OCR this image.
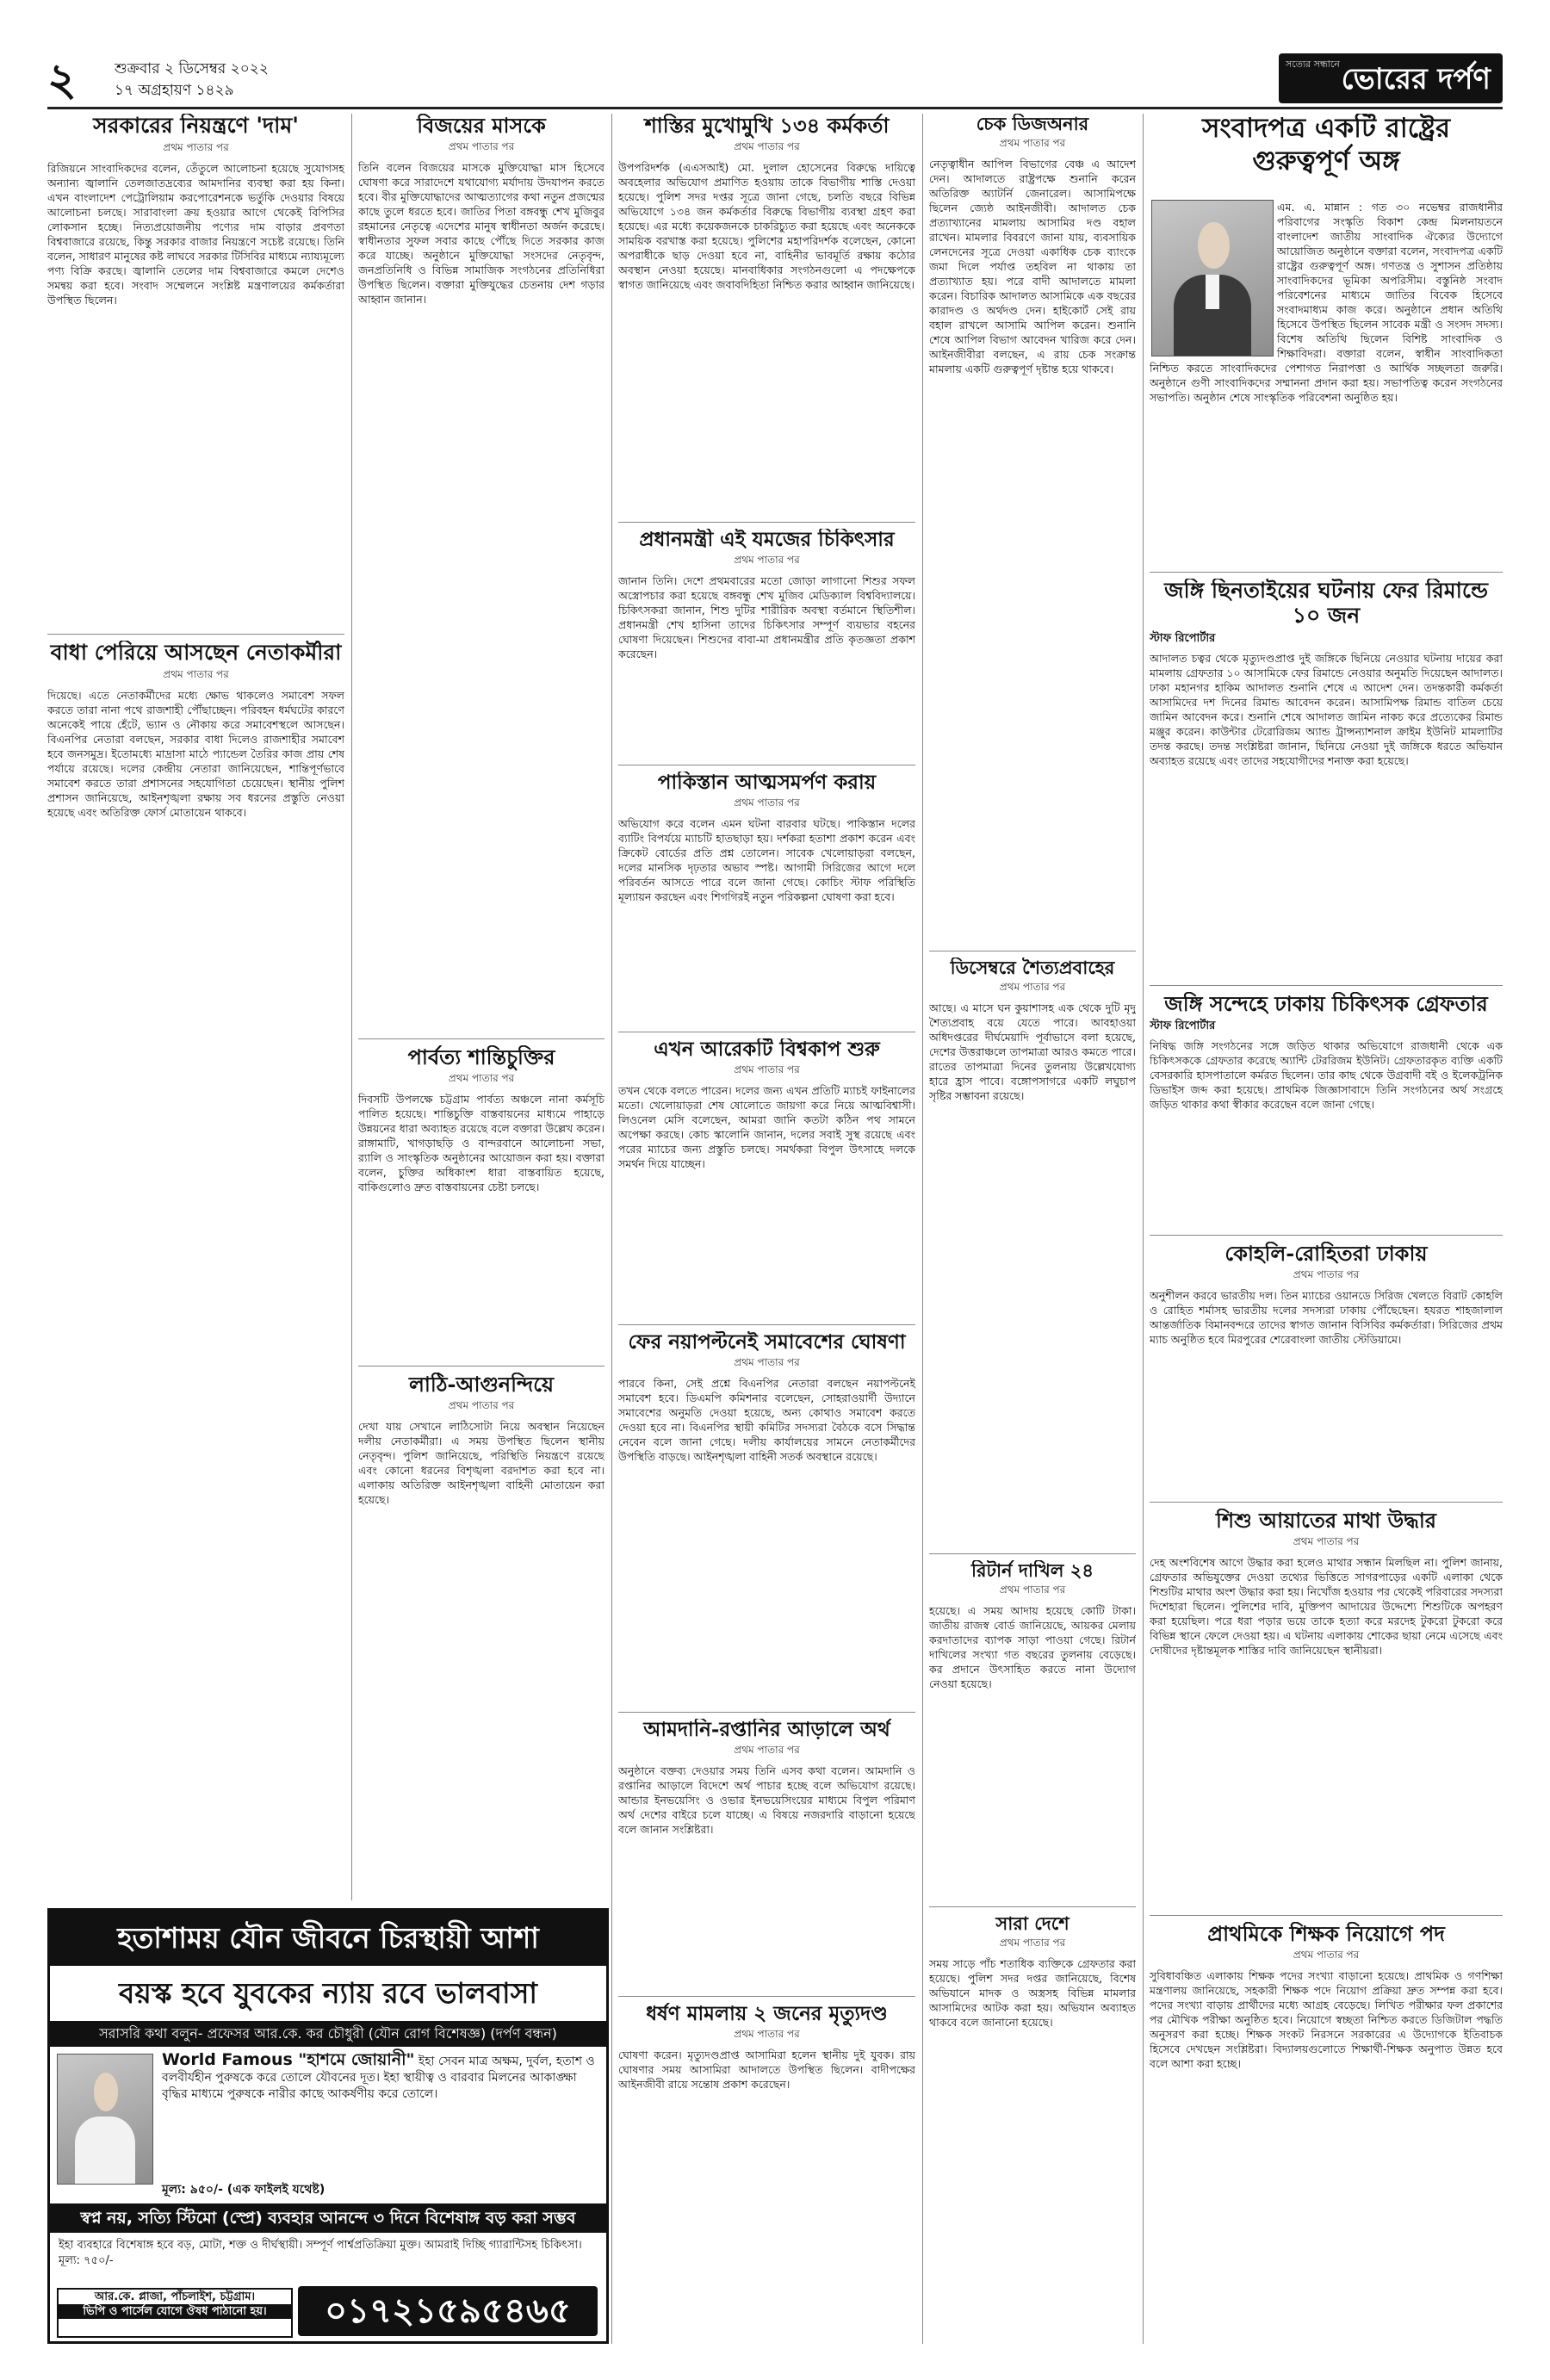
২	শুক্রবার ২ ডিসেম্বর ২০২২
১৭ অগ্রহায়ণ ১৪২৯
সত্যের সন্ধানে ভোরের দর্পণ
সরকারের নিয়ন্ত্রণে 'দাম'
প্রথম পাতার পর

রিজিয়নে সাংবাদিকদের বলেন, তেঁতুলে আলোচনা হয়েছে সুযোগসহ অন্যান্য জ্বালানি তেলজাতদ্রব্যের আমদানির ব্যবস্থা করা হয় কিনা। এখন বাংলাদেশ পেট্রোলিয়াম করপোরেশনকে ভর্তুকি দেওয়ার বিষয়ে আলোচনা চলছে। সারাবাংলা ক্রয় হওয়ার আগে থেকেই বিপিসির লোকসান হচ্ছে। নিত্যপ্রয়োজনীয় পণ্যের দাম বাড়ার প্রবণতা বিশ্ববাজারে রয়েছে, কিন্তু সরকার বাজার নিয়ন্ত্রণে সচেষ্ট রয়েছে। তিনি বলেন, সাধারণ মানুষের কষ্ট লাঘবে সরকার টিসিবির মাধ্যমে ন্যায্যমূল্যে পণ্য বিক্রি করছে। জ্বালানি তেলের দাম বিশ্ববাজারে কমলে দেশেও সমন্বয় করা হবে। সংবাদ সম্মেলনে সংশ্লিষ্ট মন্ত্রণালয়ের কর্মকর্তারা উপস্থিত ছিলেন।

বাধা পেরিয়ে আসছেন নেতাকর্মীরা
প্রথম পাতার পর

দিয়েছে। এতে নেতাকর্মীদের মধ্যে ক্ষোভ থাকলেও সমাবেশ সফল করতে তারা নানা পথে রাজশাহী পৌঁছাচ্ছেন। পরিবহন ধর্মঘটের কারণে অনেকেই পায়ে হেঁটে, ভ্যান ও নৌকায় করে সমাবেশস্থলে আসছেন। বিএনপির নেতারা বলছেন, সরকার বাধা দিলেও রাজশাহীর সমাবেশ হবে জনসমুদ্র। ইতোমধ্যে মাদ্রাসা মাঠে প্যান্ডেল তৈরির কাজ প্রায় শেষ পর্যায়ে রয়েছে। দলের কেন্দ্রীয় নেতারা জানিয়েছেন, শান্তিপূর্ণভাবে সমাবেশ করতে তারা প্রশাসনের সহযোগিতা চেয়েছেন। স্থানীয় পুলিশ প্রশাসন জানিয়েছে, আইনশৃঙ্খলা রক্ষায় সব ধরনের প্রস্তুতি নেওয়া হয়েছে এবং অতিরিক্ত ফোর্স মোতায়েন থাকবে।

বিজয়ের মাসকে
প্রথম পাতার পর

তিনি বলেন বিজয়ের মাসকে মুক্তিযোদ্ধা মাস হিসেবে ঘোষণা করে সারাদেশে যথাযোগ্য মর্যাদায় উদযাপন করতে হবে। বীর মুক্তিযোদ্ধাদের আত্মত্যাগের কথা নতুন প্রজন্মের কাছে তুলে ধরতে হবে। জাতির পিতা বঙ্গবন্ধু শেখ মুজিবুর রহমানের নেতৃত্বে এদেশের মানুষ স্বাধীনতা অর্জন করেছে। স্বাধীনতার সুফল সবার কাছে পৌঁছে দিতে সরকার কাজ করে যাচ্ছে। অনুষ্ঠানে মুক্তিযোদ্ধা সংসদের নেতৃবৃন্দ, জনপ্রতিনিধি ও বিভিন্ন সামাজিক সংগঠনের প্রতিনিধিরা উপস্থিত ছিলেন। বক্তারা মুক্তিযুদ্ধের চেতনায় দেশ গড়ার আহ্বান জানান।

পার্বত্য শান্তিচুক্তির
প্রথম পাতার পর

দিবসটি উপলক্ষে চট্টগ্রাম পার্বত্য অঞ্চলে নানা কর্মসূচি পালিত হয়েছে। শান্তিচুক্তি বাস্তবায়নের মাধ্যমে পাহাড়ে উন্নয়নের ধারা অব্যাহত রয়েছে বলে বক্তারা উল্লেখ করেন। রাঙ্গামাটি, খাগড়াছড়ি ও বান্দরবানে আলোচনা সভা, র‍্যালি ও সাংস্কৃতিক অনুষ্ঠানের আয়োজন করা হয়। বক্তারা বলেন, চুক্তির অধিকাংশ ধারা বাস্তবায়িত হয়েছে, বাকিগুলোও দ্রুত বাস্তবায়নের চেষ্টা চলছে।

লাঠি-আগুনন্দিয়ে
প্রথম পাতার পর

দেখা যায় সেখানে লাঠিসোটা নিয়ে অবস্থান নিয়েছেন দলীয় নেতাকর্মীরা। এ সময় উপস্থিত ছিলেন স্থানীয় নেতৃবৃন্দ। পুলিশ জানিয়েছে, পরিস্থিতি নিয়ন্ত্রণে রয়েছে এবং কোনো ধরনের বিশৃঙ্খলা বরদাশত করা হবে না। এলাকায় অতিরিক্ত আইনশৃঙ্খলা বাহিনী মোতায়েন করা হয়েছে।

শাস্তির মুখোমুখি ১৩৪ কর্মকর্তা
প্রথম পাতার পর

উপপরিদর্শক (এএসআই) মো. দুলাল হোসেনের বিরুদ্ধে দায়িত্বে অবহেলার অভিযোগ প্রমাণিত হওয়ায় তাকে বিভাগীয় শাস্তি দেওয়া হয়েছে। পুলিশ সদর দপ্তর সূত্রে জানা গেছে, চলতি বছরে বিভিন্ন অভিযোগে ১৩৪ জন কর্মকর্তার বিরুদ্ধে বিভাগীয় ব্যবস্থা গ্রহণ করা হয়েছে। এর মধ্যে কয়েকজনকে চাকরিচ্যুত করা হয়েছে এবং অনেককে সাময়িক বরখাস্ত করা হয়েছে। পুলিশের মহাপরিদর্শক বলেছেন, কোনো অপরাধীকে ছাড় দেওয়া হবে না, বাহিনীর ভাবমূর্তি রক্ষায় কঠোর অবস্থান নেওয়া হয়েছে। মানবাধিকার সংগঠনগুলো এ পদক্ষেপকে স্বাগত জানিয়েছে এবং জবাবদিহিতা নিশ্চিত করার আহ্বান জানিয়েছে।

প্রধানমন্ত্রী এই যমজের চিকিৎসার
প্রথম পাতার পর

জানান তিনি। দেশে প্রথমবারের মতো জোড়া লাগানো শিশুর সফল অস্ত্রোপচার করা হয়েছে বঙ্গবন্ধু শেখ মুজিব মেডিক্যাল বিশ্ববিদ্যালয়ে। চিকিৎসকরা জানান, শিশু দুটির শারীরিক অবস্থা বর্তমানে স্থিতিশীল। প্রধানমন্ত্রী শেখ হাসিনা তাদের চিকিৎসার সম্পূর্ণ ব্যয়ভার বহনের ঘোষণা দিয়েছেন। শিশুদের বাবা-মা প্রধানমন্ত্রীর প্রতি কৃতজ্ঞতা প্রকাশ করেছেন।

পাকিস্তান আত্মসমর্পণ করায়
প্রথম পাতার পর

অভিযোগ করে বলেন এমন ঘটনা বারবার ঘটছে। পাকিস্তান দলের ব্যাটিং বিপর্যয়ে ম্যাচটি হাতছাড়া হয়। দর্শকরা হতাশা প্রকাশ করেন এবং ক্রিকেট বোর্ডের প্রতি প্রশ্ন তোলেন। সাবেক খেলোয়াড়রা বলছেন, দলের মানসিক দৃঢ়তার অভাব স্পষ্ট। আগামী সিরিজের আগে দলে পরিবর্তন আসতে পারে বলে জানা গেছে। কোচিং স্টাফ পরিস্থিতি মূল্যায়ন করছেন এবং শিগগিরই নতুন পরিকল্পনা ঘোষণা করা হবে।

এখন আরেকটি বিশ্বকাপ শুরু
প্রথম পাতার পর

তখন থেকে বলতে পারেন। দলের জন্য এখন প্রতিটি ম্যাচই ফাইনালের মতো। খেলোয়াড়রা শেষ ষোলোতে জায়গা করে নিয়ে আত্মবিশ্বাসী। লিওনেল মেসি বলেছেন, আমরা জানি কতটা কঠিন পথ সামনে অপেক্ষা করছে। কোচ স্কালোনি জানান, দলের সবাই সুস্থ রয়েছে এবং পরের ম্যাচের জন্য প্রস্তুতি চলছে। সমর্থকরা বিপুল উৎসাহে দলকে সমর্থন দিয়ে যাচ্ছেন।

ফের নয়াপল্টনেই সমাবেশের ঘোষণা
প্রথম পাতার পর

পারবে কিনা, সেই প্রশ্নে বিএনপির নেতারা বলছেন নয়াপল্টনেই সমাবেশ হবে। ডিএমপি কমিশনার বলেছেন, সোহরাওয়ার্দী উদ্যানে সমাবেশের অনুমতি দেওয়া হয়েছে, অন্য কোথাও সমাবেশ করতে দেওয়া হবে না। বিএনপির স্থায়ী কমিটির সদস্যরা বৈঠকে বসে সিদ্ধান্ত নেবেন বলে জানা গেছে। দলীয় কার্যালয়ের সামনে নেতাকর্মীদের উপস্থিতি বাড়ছে। আইনশৃঙ্খলা বাহিনী সতর্ক অবস্থানে রয়েছে।

আমদানি-রপ্তানির আড়ালে অর্থ
প্রথম পাতার পর

অনুষ্ঠানে বক্তব্য দেওয়ার সময় তিনি এসব কথা বলেন। আমদানি ও রপ্তানির আড়ালে বিদেশে অর্থ পাচার হচ্ছে বলে অভিযোগ রয়েছে। আন্ডার ইনভয়েসিং ও ওভার ইনভয়েসিংয়ের মাধ্যমে বিপুল পরিমাণ অর্থ দেশের বাইরে চলে যাচ্ছে। এ বিষয়ে নজরদারি বাড়ানো হয়েছে বলে জানান সংশ্লিষ্টরা।

ধর্ষণ মামলায় ২ জনের মৃত্যুদণ্ড
প্রথম পাতার পর

ঘোষণা করেন। মৃত্যুদণ্ডপ্রাপ্ত আসামিরা হলেন স্থানীয় দুই যুবক। রায় ঘোষণার সময় আসামিরা আদালতে উপস্থিত ছিলেন। বাদীপক্ষের আইনজীবী রায়ে সন্তোষ প্রকাশ করেছেন।

চেক ডিজঅনার
প্রথম পাতার পর

নেতৃত্বাধীন আপিল বিভাগের বেঞ্চ এ আদেশ দেন। আদালতে রাষ্ট্রপক্ষে শুনানি করেন অতিরিক্ত অ্যাটর্নি জেনারেল। আসামিপক্ষে ছিলেন জ্যেষ্ঠ আইনজীবী। আদালত চেক প্রত্যাখ্যানের মামলায় আসামির দণ্ড বহাল রাখেন। মামলার বিবরণে জানা যায়, ব্যবসায়িক লেনদেনের সূত্রে দেওয়া একাধিক চেক ব্যাংকে জমা দিলে পর্যাপ্ত তহবিল না থাকায় তা প্রত্যাখ্যাত হয়। পরে বাদী আদালতে মামলা করেন। বিচারিক আদালত আসামিকে এক বছরের কারাদণ্ড ও অর্থদণ্ড দেন। হাইকোর্ট সেই রায় বহাল রাখলে আসামি আপিল করেন। শুনানি শেষে আপিল বিভাগ আবেদন খারিজ করে দেন। আইনজীবীরা বলছেন, এ রায় চেক সংক্রান্ত মামলায় একটি গুরুত্বপূর্ণ দৃষ্টান্ত হয়ে থাকবে।

ডিসেম্বরে শৈত্যপ্রবাহের
প্রথম পাতার পর

আছে। এ মাসে ঘন কুয়াশাসহ এক থেকে দুটি মৃদু শৈত্যপ্রবাহ বয়ে যেতে পারে। আবহাওয়া অধিদপ্তরের দীর্ঘমেয়াদি পূর্বাভাসে বলা হয়েছে, দেশের উত্তরাঞ্চলে তাপমাত্রা আরও কমতে পারে। রাতের তাপমাত্রা দিনের তুলনায় উল্লেখযোগ্য হারে হ্রাস পাবে। বঙ্গোপসাগরে একটি লঘুচাপ সৃষ্টির সম্ভাবনা রয়েছে।

রিটার্ন দাখিল ২৪
প্রথম পাতার পর

হয়েছে। এ সময় আদায় হয়েছে কোটি টাকা। জাতীয় রাজস্ব বোর্ড জানিয়েছে, আয়কর মেলায় করদাতাদের ব্যাপক সাড়া পাওয়া গেছে। রিটার্ন দাখিলের সংখ্যা গত বছরের তুলনায় বেড়েছে। কর প্রদানে উৎসাহিত করতে নানা উদ্যোগ নেওয়া হয়েছে।

সারা দেশে
প্রথম পাতার পর

সময় সাড়ে পাঁচ শতাধিক ব্যক্তিকে গ্রেফতার করা হয়েছে। পুলিশ সদর দপ্তর জানিয়েছে, বিশেষ অভিযানে মাদক ও অস্ত্রসহ বিভিন্ন মামলার আসামিদের আটক করা হয়। অভিযান অব্যাহত থাকবে বলে জানানো হয়েছে।

সংবাদপত্র একটি রাষ্ট্রের
গুরুত্বপূর্ণ অঙ্গ

এম. এ. মান্নান : গত ৩০ নভেম্বর রাজধানীর পরিবাগের সংস্কৃতি বিকাশ কেন্দ্র মিলনায়তনে বাংলাদেশ জাতীয় সাংবাদিক ঐক্যের উদ্যোগে আয়োজিত অনুষ্ঠানে বক্তারা বলেন, সংবাদপত্র একটি রাষ্ট্রের গুরুত্বপূর্ণ অঙ্গ। গণতন্ত্র ও সুশাসন প্রতিষ্ঠায় সাংবাদিকদের ভূমিকা অপরিসীম। বস্তুনিষ্ঠ সংবাদ পরিবেশনের মাধ্যমে জাতির বিবেক হিসেবে সংবাদমাধ্যম কাজ করে। অনুষ্ঠানে প্রধান অতিথি হিসেবে উপস্থিত ছিলেন সাবেক মন্ত্রী ও সংসদ সদস্য। বিশেষ অতিথি ছিলেন বিশিষ্ট সাংবাদিক ও শিক্ষাবিদরা। বক্তারা বলেন, স্বাধীন সাংবাদিকতা নিশ্চিত করতে সাংবাদিকদের পেশাগত নিরাপত্তা ও আর্থিক সচ্ছলতা জরুরি। অনুষ্ঠানে গুণী সাংবাদিকদের সম্মাননা প্রদান করা হয়। সভাপতিত্ব করেন সংগঠনের সভাপতি। অনুষ্ঠান শেষে সাংস্কৃতিক পরিবেশনা অনুষ্ঠিত হয়।

জঙ্গি ছিনতাইয়ের ঘটনায় ফের রিমান্ডে ১০ জন
স্টাফ রিপোর্টার

আদালত চত্বর থেকে মৃত্যুদণ্ডপ্রাপ্ত দুই জঙ্গিকে ছিনিয়ে নেওয়ার ঘটনায় দায়ের করা মামলায় গ্রেফতার ১০ আসামিকে ফের রিমান্ডে নেওয়ার অনুমতি দিয়েছেন আদালত। ঢাকা মহানগর হাকিম আদালত শুনানি শেষে এ আদেশ দেন। তদন্তকারী কর্মকর্তা আসামিদের দশ দিনের রিমান্ড আবেদন করেন। আসামিপক্ষ রিমান্ড বাতিল চেয়ে জামিন আবেদন করে। শুনানি শেষে আদালত জামিন নাকচ করে প্রত্যেকের রিমান্ড মঞ্জুর করেন। কাউন্টার টেরোরিজম অ্যান্ড ট্রান্সন্যাশনাল ক্রাইম ইউনিট মামলাটির তদন্ত করছে। তদন্ত সংশ্লিষ্টরা জানান, ছিনিয়ে নেওয়া দুই জঙ্গিকে ধরতে অভিযান অব্যাহত রয়েছে এবং তাদের সহযোগীদের শনাক্ত করা হয়েছে।

জঙ্গি সন্দেহে ঢাকায় চিকিৎসক গ্রেফতার
স্টাফ রিপোর্টার

নিষিদ্ধ জঙ্গি সংগঠনের সঙ্গে জড়িত থাকার অভিযোগে রাজধানী থেকে এক চিকিৎসককে গ্রেফতার করেছে অ্যান্টি টেররিজম ইউনিট। গ্রেফতারকৃত ব্যক্তি একটি বেসরকারি হাসপাতালে কর্মরত ছিলেন। তার কাছ থেকে উগ্রবাদী বই ও ইলেকট্রনিক ডিভাইস জব্দ করা হয়েছে। প্রাথমিক জিজ্ঞাসাবাদে তিনি সংগঠনের অর্থ সংগ্রহে জড়িত থাকার কথা স্বীকার করেছেন বলে জানা গেছে।

কোহলি-রোহিতরা ঢাকায়
প্রথম পাতার পর

অনুশীলন করবে ভারতীয় দল। তিন ম্যাচের ওয়ানডে সিরিজ খেলতে বিরাট কোহলি ও রোহিত শর্মাসহ ভারতীয় দলের সদস্যরা ঢাকায় পৌঁছেছেন। হযরত শাহজালাল আন্তর্জাতিক বিমানবন্দরে তাদের স্বাগত জানান বিসিবির কর্মকর্তারা। সিরিজের প্রথম ম্যাচ অনুষ্ঠিত হবে মিরপুরের শেরেবাংলা জাতীয় স্টেডিয়ামে।

শিশু আয়াতের মাথা উদ্ধার
প্রথম পাতার পর

দেহ অংশবিশেষ আগে উদ্ধার করা হলেও মাথার সন্ধান মিলছিল না। পুলিশ জানায়, গ্রেফতার অভিযুক্তের দেওয়া তথ্যের ভিত্তিতে সাগরপাড়ের একটি এলাকা থেকে শিশুটির মাথার অংশ উদ্ধার করা হয়। নিখোঁজ হওয়ার পর থেকেই পরিবারের সদস্যরা দিশেহারা ছিলেন। পুলিশের দাবি, মুক্তিপণ আদায়ের উদ্দেশ্যে শিশুটিকে অপহরণ করা হয়েছিল। পরে ধরা পড়ার ভয়ে তাকে হত্যা করে মরদেহ টুকরো টুকরো করে বিভিন্ন স্থানে ফেলে দেওয়া হয়। এ ঘটনায় এলাকায় শোকের ছায়া নেমে এসেছে এবং দোষীদের দৃষ্টান্তমূলক শাস্তির দাবি জানিয়েছেন স্থানীয়রা।

প্রাথমিকে শিক্ষক নিয়োগে পদ
প্রথম পাতার পর

সুবিধাবঞ্চিত এলাকায় শিক্ষক পদের সংখ্যা বাড়ানো হয়েছে। প্রাথমিক ও গণশিক্ষা মন্ত্রণালয় জানিয়েছে, সহকারী শিক্ষক পদে নিয়োগ প্রক্রিয়া দ্রুত সম্পন্ন করা হবে। পদের সংখ্যা বাড়ায় প্রার্থীদের মধ্যে আগ্রহ বেড়েছে। লিখিত পরীক্ষার ফল প্রকাশের পর মৌখিক পরীক্ষা অনুষ্ঠিত হবে। নিয়োগে স্বচ্ছতা নিশ্চিত করতে ডিজিটাল পদ্ধতি অনুসরণ করা হচ্ছে। শিক্ষক সংকট নিরসনে সরকারের এ উদ্যোগকে ইতিবাচক হিসেবে দেখছেন সংশ্লিষ্টরা। বিদ্যালয়গুলোতে শিক্ষার্থী-শিক্ষক অনুপাত উন্নত হবে বলে আশা করা হচ্ছে।

হতাশাময় যৌন জীবনে চিরস্থায়ী আশা
বয়স্ক হবে যুবকের ন্যায় রবে ভালবাসা
সরাসরি কথা বলুন- প্রফেসর আর.কে. কর চৌধুরী (যৌন রোগ বিশেষজ্ঞ) (দর্পণ বন্ধন)
World Famous "হাশমে জোয়ানী" ইহা সেবন মাত্র অক্ষম, দুর্বল, হতাশ ও বলবীর্যহীন পুরুষকে করে তোলে যৌবনের দূত। ইহা স্থায়ীত্ব ও বারবার মিলনের আকাঙ্ক্ষা বৃদ্ধির মাধ্যমে পুরুষকে নারীর কাছে আকর্ষণীয় করে তোলে।
মূল্য: ৯৫০/- (এক ফাইলই যথেষ্ট)
স্বপ্ন নয়, সত্যি স্টিমো (স্প্রে) ব্যবহার আনন্দে ৩ দিনে বিশেষাঙ্গ বড় করা সম্ভব
ইহা ব্যবহারে বিশেষাঙ্গ হবে বড়, মোটা, শক্ত ও দীর্ঘস্থায়ী। সম্পূর্ণ পার্শ্বপ্রতিক্রিয়া মুক্ত। আমরাই দিচ্ছি গ্যারান্টিসহ চিকিৎসা। মূল্য: ৭৫০/-
আর.কে. প্লাজা, পাঁচলাইশ, চট্টগ্রাম।
ভিপি ও পার্সেল যোগে ঔষধ পাঠানো হয়।	০১৭২১৫৯৫৪৬৫
